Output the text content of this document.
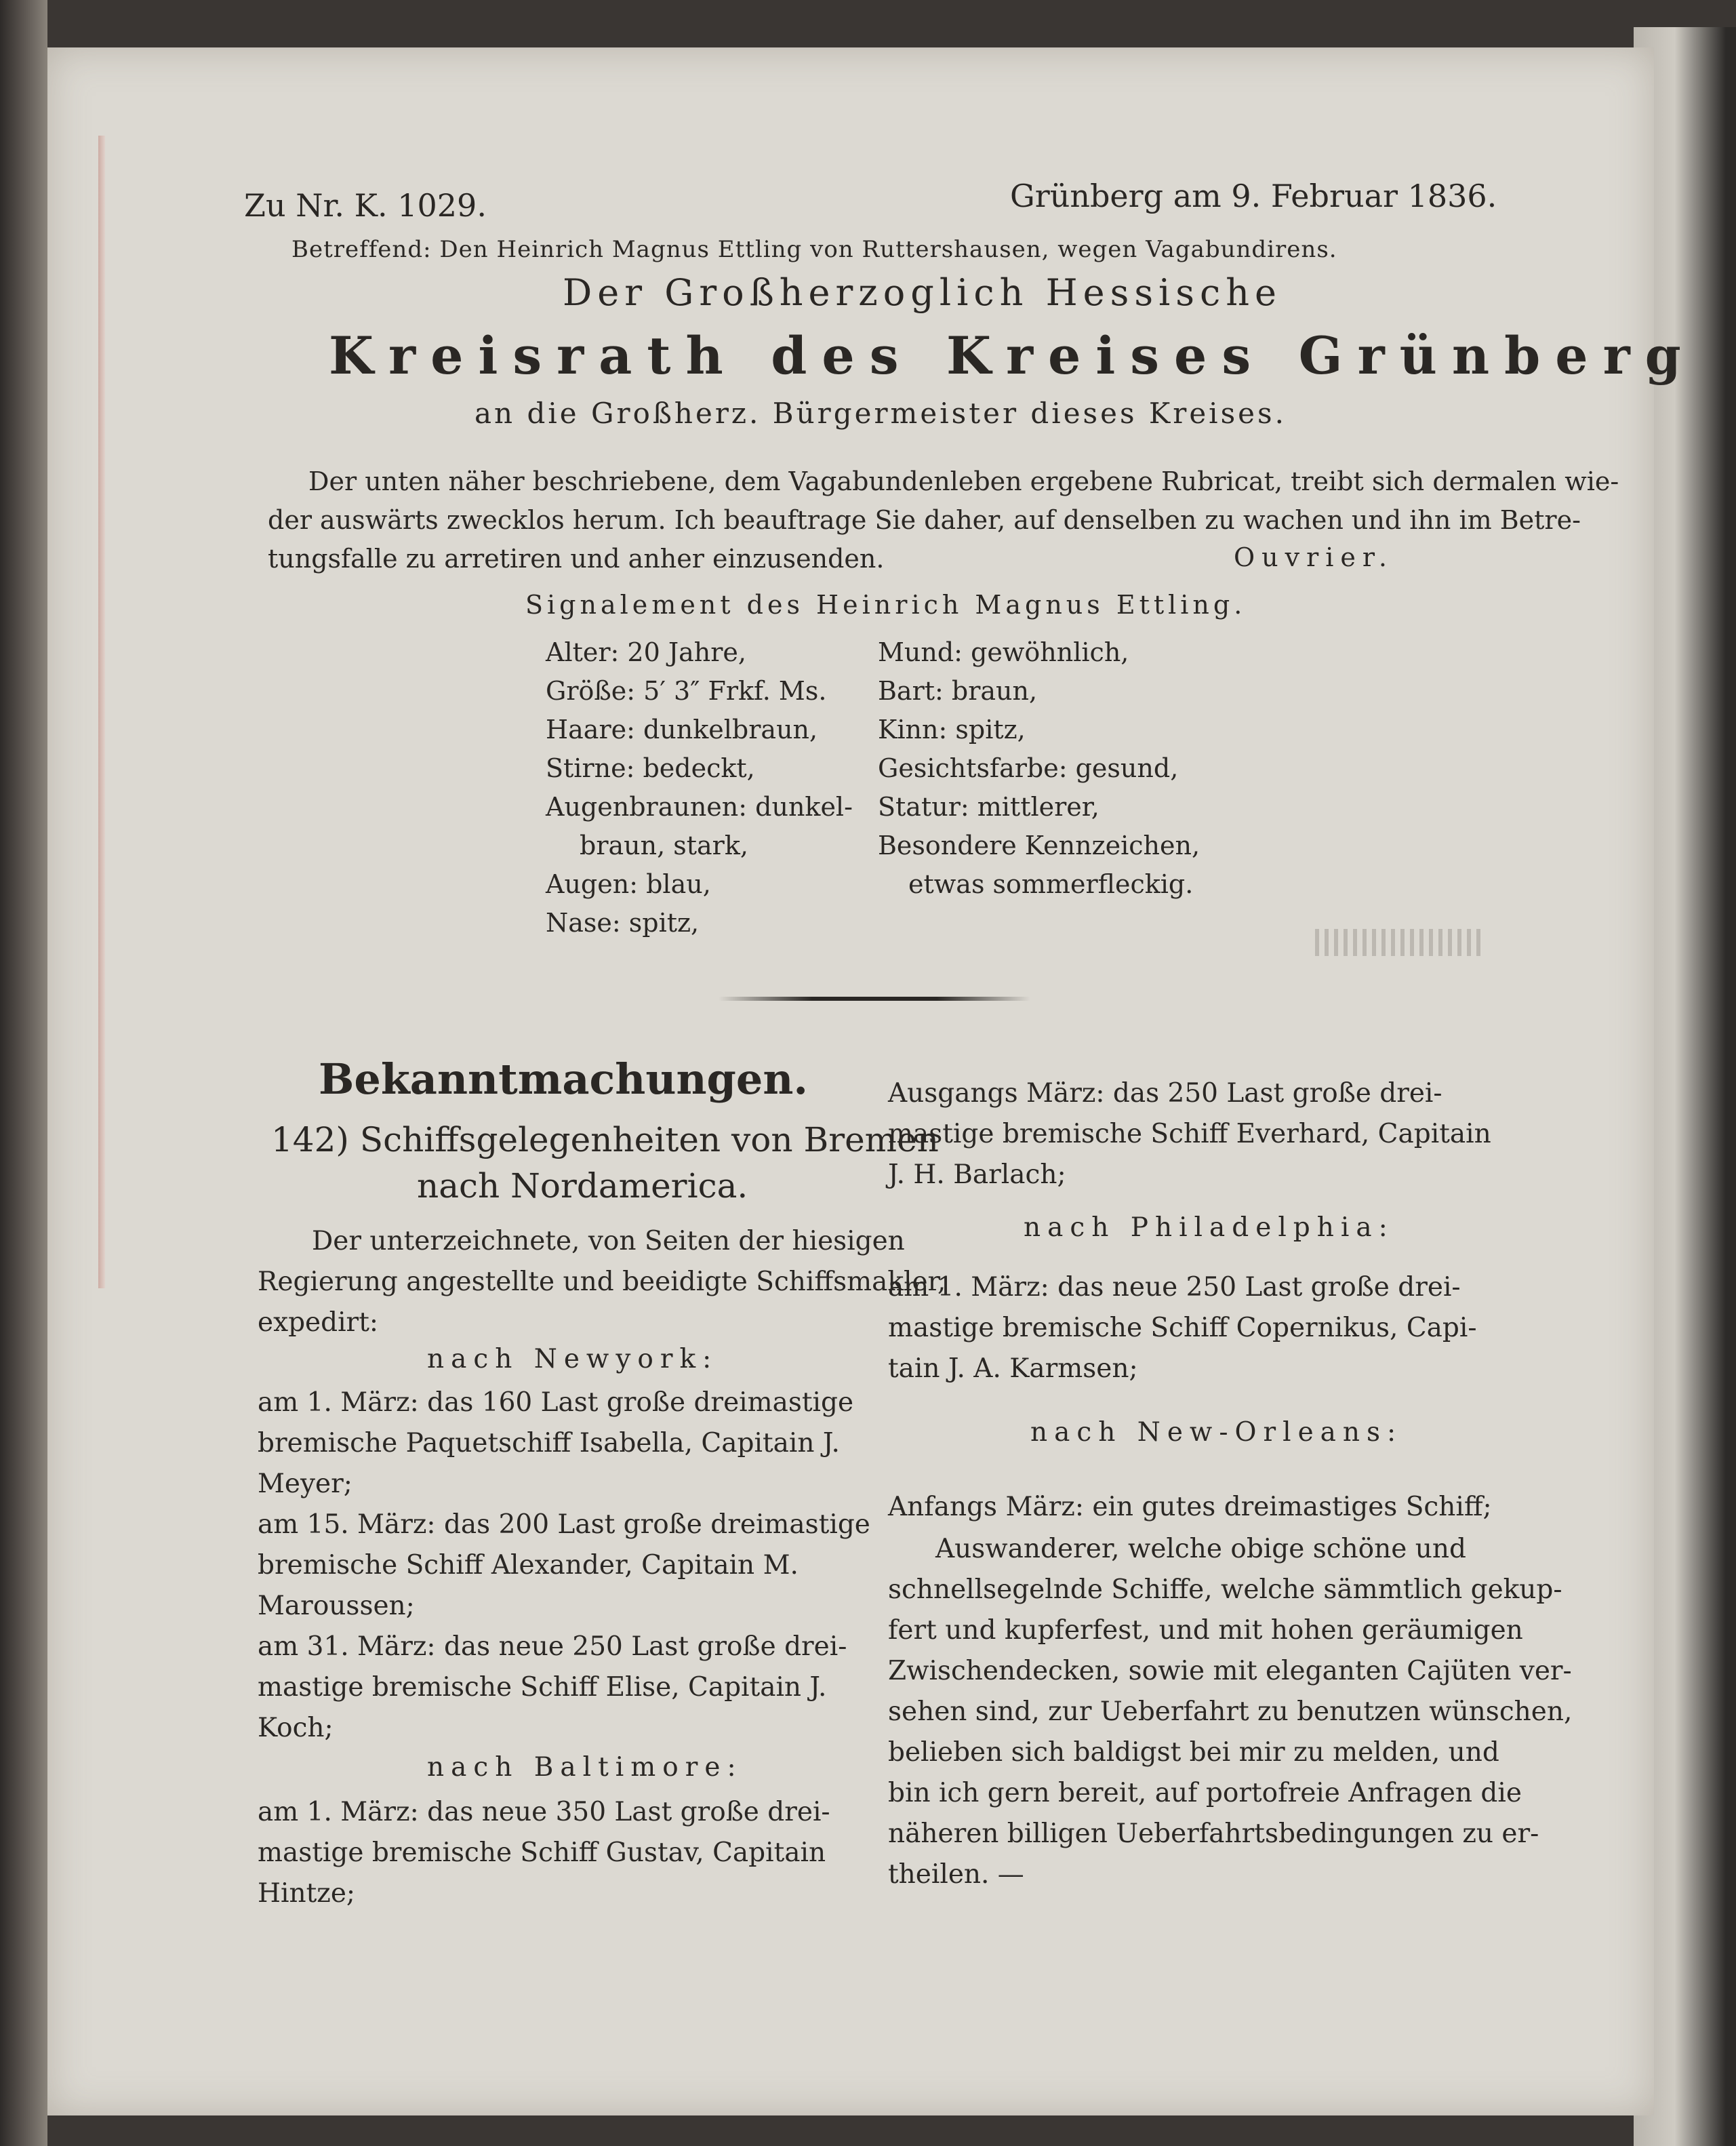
Zu Nr. K. 1029.	Grünberg am 9. Februar 1836.
Betreffend: Den Heinrich Magnus Ettling von Ruttershausen, wegen Vagabundirens.
Der Großherzoglich Hessische
Kreisrath des Kreises Grünberg
an die Großherz. Bürgermeister dieses Kreises.
Der unten näher beschriebene, dem Vagabundenleben ergebene Rubricat, treibt sich dermalen wie-
der auswärts zwecklos herum. Ich beauftrage Sie daher, auf denselben zu wachen und ihn im Betre-
tungsfalle zu arretiren und anher einzusenden.	Ouvrier.
Signalement des Heinrich Magnus Ettling.
Alter: 20 Jahre,
Größe: 5′ 3″ Frkf. Ms.
Haare: dunkelbraun,
Stirne: bedeckt,
Augenbraunen: dunkel-
braun, stark,
Augen: blau,
Nase: spitz,
Mund: gewöhnlich,
Bart: braun,
Kinn: spitz,
Gesichtsfarbe: gesund,
Statur: mittlerer,
Besondere Kennzeichen,
etwas sommerfleckig.
Bekanntmachungen.
142) Schiffsgelegenheiten von Bremen
nach Nordamerica.
Der unterzeichnete, von Seiten der hiesigen
Regierung angestellte und beeidigte Schiffsmakler,
expedirt:
nach Newyork:
am 1. März: das 160 Last große dreimastige
bremische Paquetschiff Isabella, Capitain J.
Meyer;
am 15. März: das 200 Last große dreimastige
bremische Schiff Alexander, Capitain M.
Maroussen;
am 31. März: das neue 250 Last große drei-
mastige bremische Schiff Elise, Capitain J.
Koch;
nach Baltimore:
am 1. März: das neue 350 Last große drei-
mastige bremische Schiff Gustav, Capitain
Hintze;
Ausgangs März: das 250 Last große drei-
mastige bremische Schiff Everhard, Capitain
J. H. Barlach;
nach Philadelphia:
am 1. März: das neue 250 Last große drei-
mastige bremische Schiff Copernikus, Capi-
tain J. A. Karmsen;
nach New-Orleans:
Anfangs März: ein gutes dreimastiges Schiff;
Auswanderer, welche obige schöne und
schnellsegelnde Schiffe, welche sämmtlich gekup-
fert und kupferfest, und mit hohen geräumigen
Zwischendecken, sowie mit eleganten Cajüten ver-
sehen sind, zur Ueberfahrt zu benutzen wünschen,
belieben sich baldigst bei mir zu melden, und
bin ich gern bereit, auf portofreie Anfragen die
näheren billigen Ueberfahrtsbedingungen zu er-
theilen. —
